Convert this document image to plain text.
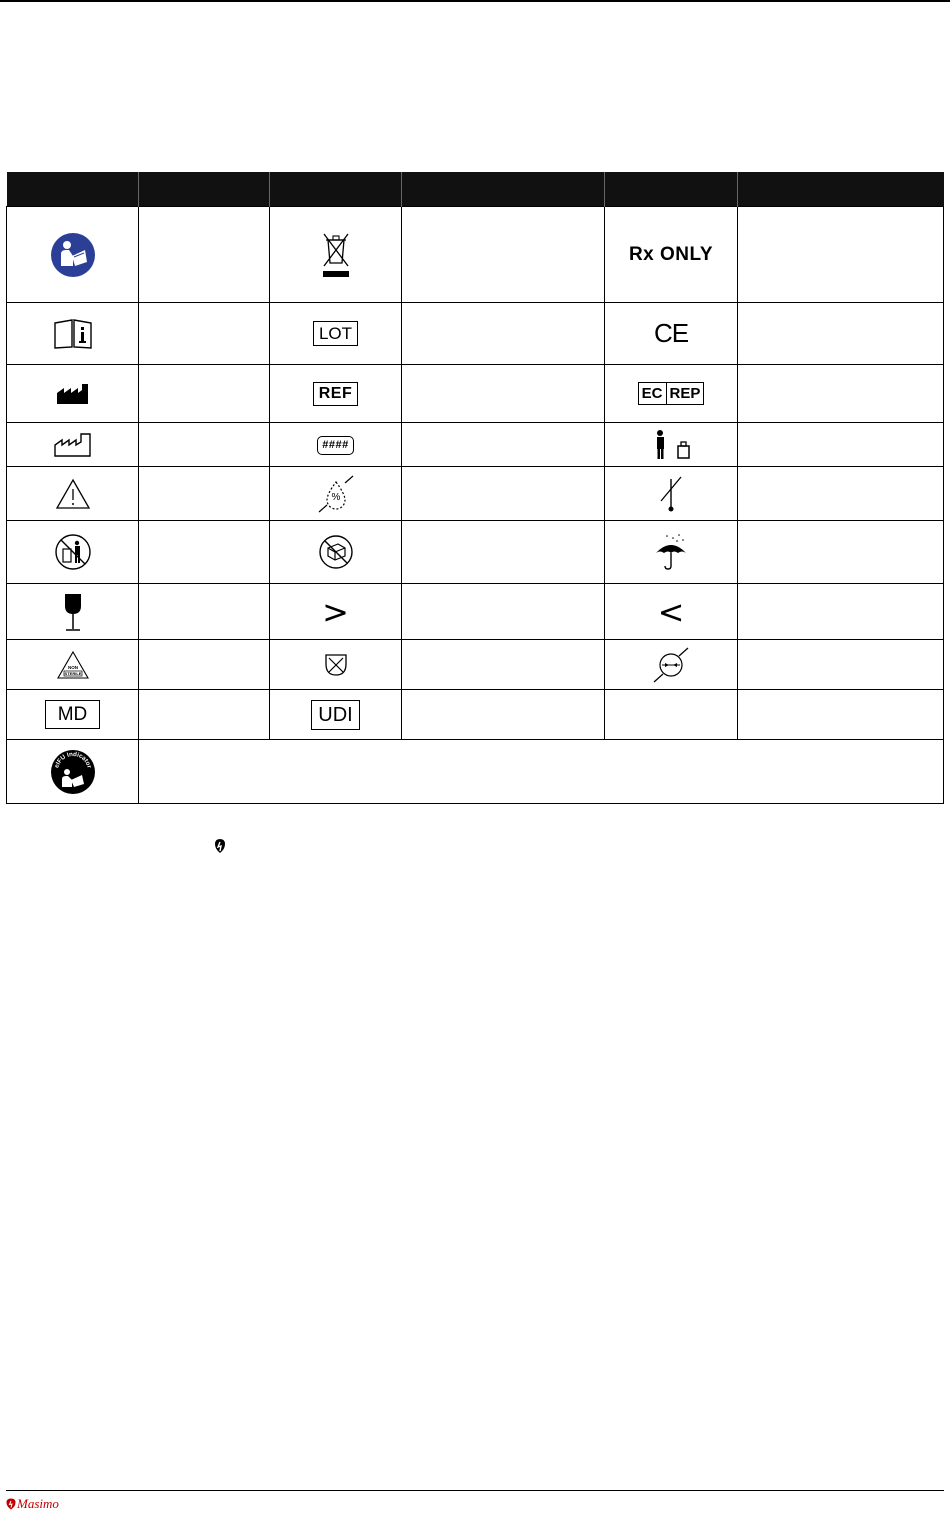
				Rx ONLY	
		LOT		CE	
		REF		EC REP	

		####			

%

		>		<	

NON
STERILE

MD		UDI			

eIFU Indicator					

Masimo
